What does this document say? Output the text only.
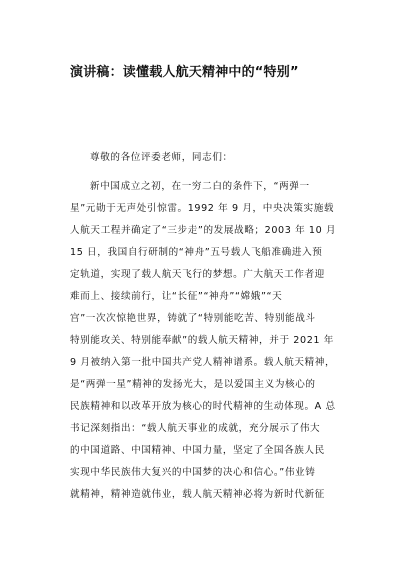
演讲稿：读懂载人航天精神中的“特别”

尊敬的各位评委老师，同志们：

新中国成立之初，在一穷二白的条件下，“两弹一
星”元勋于无声处引惊雷。1992 年 9 月，中央决策实施载
人航天工程并确定了“三步走”的发展战略；2003 年 10 月
15 日，我国自行研制的“神舟”五号载人飞船准确进入预
定轨道，实现了载人航天飞行的梦想。广大航天工作者迎
难而上、接续前行，让“长征”“神舟”“嫦娥”“天
宫”一次次惊艳世界，铸就了“特别能吃苦、特别能战斗
特别能攻关、特别能奉献”的载人航天精神，并于 2021 年
9 月被纳入第一批中国共产党人精神谱系。载人航天精神，
是“两弹一星”精神的发扬光大，是以爱国主义为核心的
民族精神和以改革开放为核心的时代精神的生动体现。A 总
书记深刻指出：“载人航天事业的成就，充分展示了伟大
的中国道路、中国精神、中国力量，坚定了全国各族人民
实现中华民族伟大复兴的中国梦的决心和信心。”伟业铸
就精神，精神造就伟业，载人航天精神必将为新时代新征
